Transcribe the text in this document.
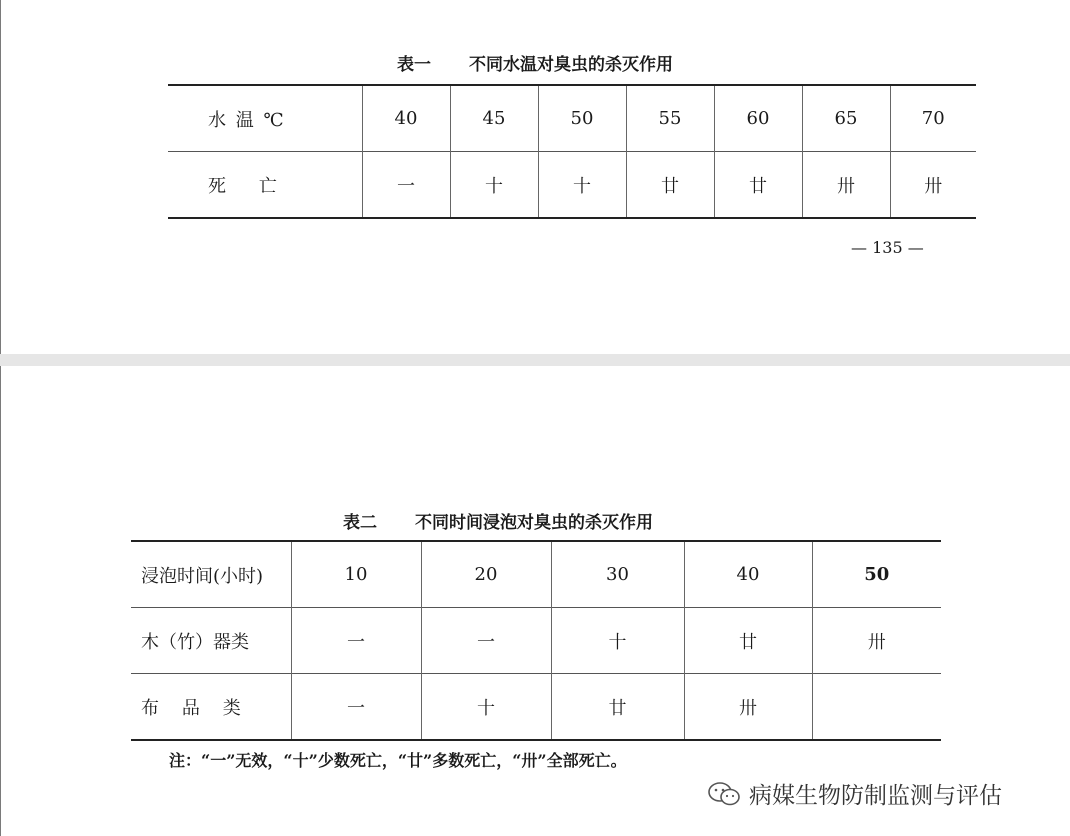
表一 不同水温对臭虫的杀灭作用
水 温 ℃	40	45	50	55	60	65	70
死    亡	一	十	十	廿	廿	卅	卅
— 135 —
表二 不同时间浸泡对臭虫的杀灭作用
浸泡时间(小时)	10	20	30	40	50
木（竹）器类	一	一	十	廿	卅
布    品    类	一	十	廿	卅	
注：“一”无效，“十”少数死亡，“廿”多数死亡，“卅”全部死亡。
病媒生物防制监测与评估
